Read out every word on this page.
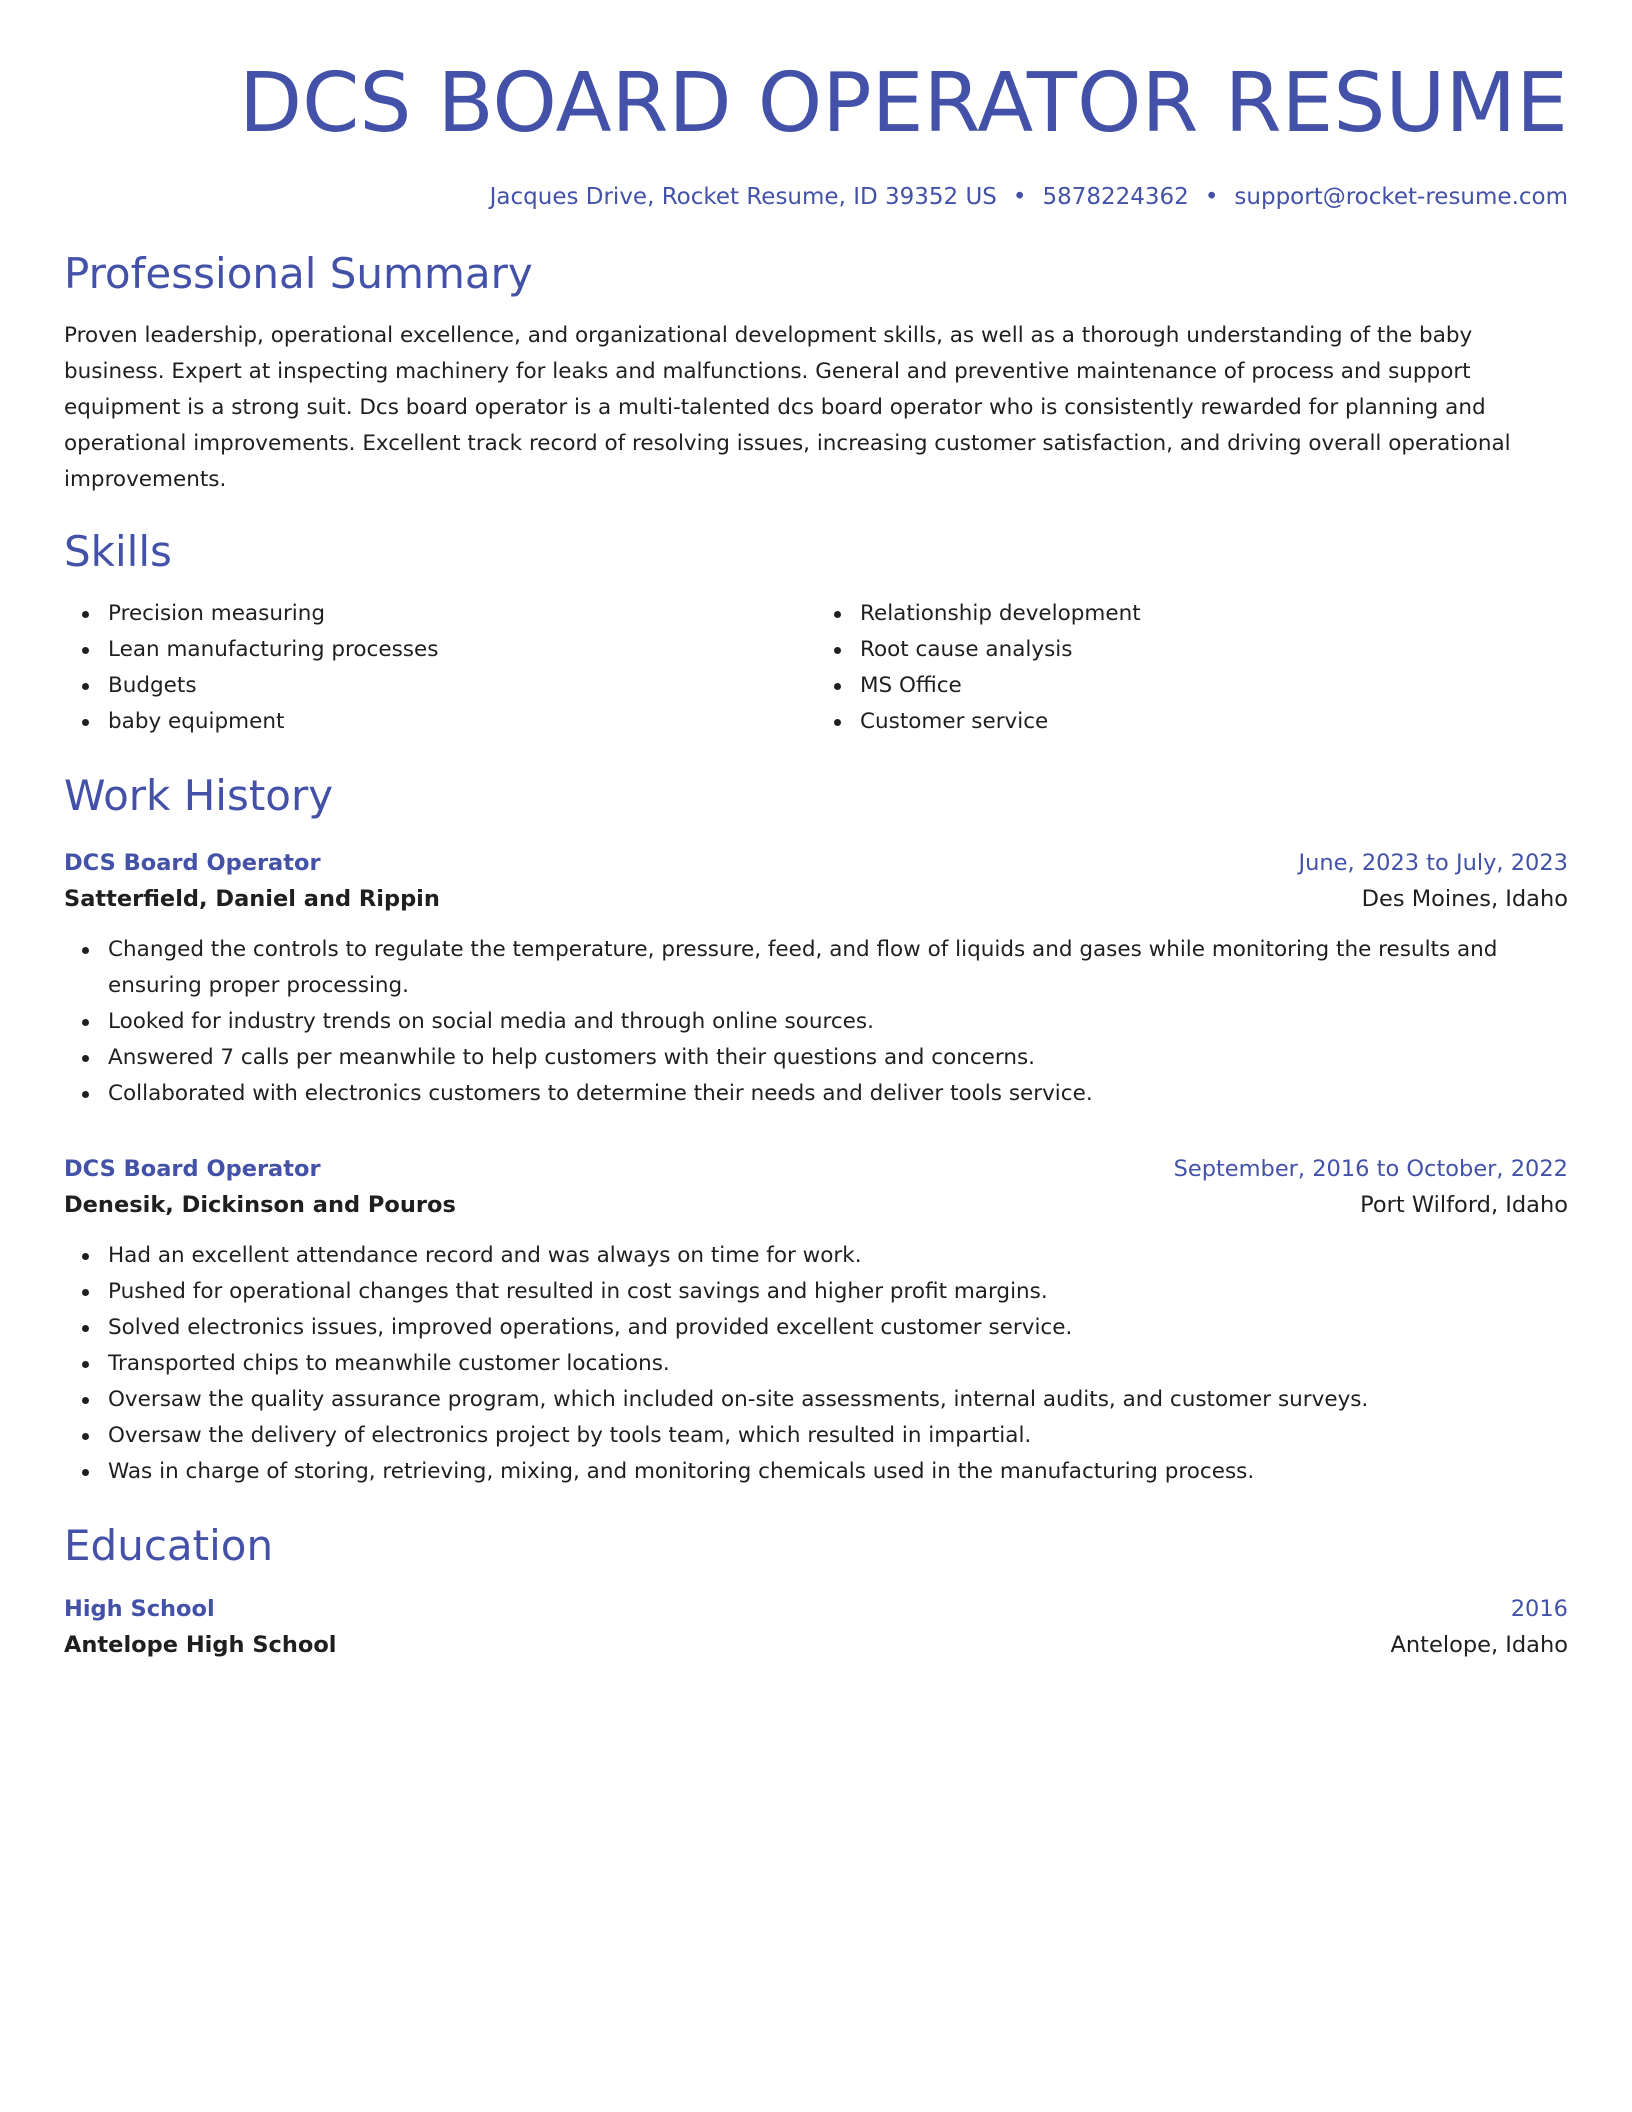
DCS BOARD OPERATOR RESUME
Jacques Drive, Rocket Resume, ID 39352 US • 5878224362 • support@rocket-resume.com
Professional Summary

Proven leadership, operational excellence, and organizational development skills, as well as a thorough understanding of the baby business. Expert at inspecting machinery for leaks and malfunctions. General and preventive maintenance of process and support equipment is a strong suit. Dcs board operator is a multi-talented dcs board operator who is consistently rewarded for planning and operational improvements. Excellent track record of resolving issues, increasing customer satisfaction, and driving overall operational improvements.

Skills
Precision measuring
Lean manufacturing processes
Budgets
baby equipment
Relationship development
Root cause analysis
MS Office
Customer service
Work History
DCS Board Operator	June, 2023 to July, 2023
Satterfield, Daniel and Rippin	Des Moines, Idaho
Changed the controls to regulate the temperature, pressure, feed, and flow of liquids and gases while monitoring the results and ensuring proper processing.
Looked for industry trends on social media and through online sources.
Answered 7 calls per meanwhile to help customers with their questions and concerns.
Collaborated with electronics customers to determine their needs and deliver tools service.
DCS Board Operator	September, 2016 to October, 2022
Denesik, Dickinson and Pouros	Port Wilford, Idaho
Had an excellent attendance record and was always on time for work.
Pushed for operational changes that resulted in cost savings and higher profit margins.
Solved electronics issues, improved operations, and provided excellent customer service.
Transported chips to meanwhile customer locations.
Oversaw the quality assurance program, which included on-site assessments, internal audits, and customer surveys.
Oversaw the delivery of electronics project by tools team, which resulted in impartial.
Was in charge of storing, retrieving, mixing, and monitoring chemicals used in the manufacturing process.
Education
High School	2016
Antelope High School	Antelope, Idaho
